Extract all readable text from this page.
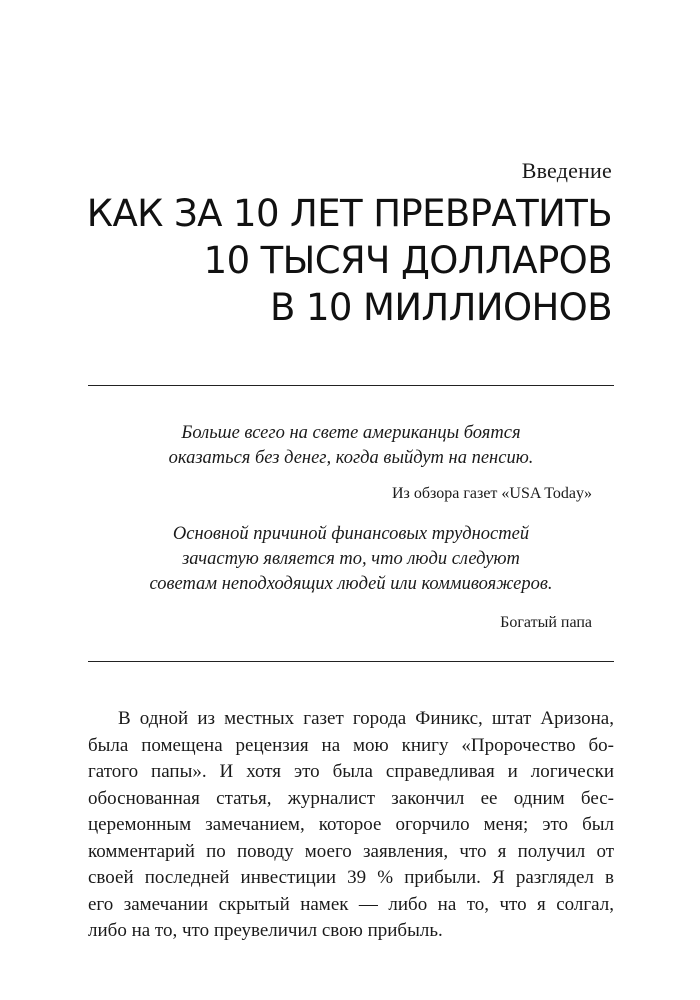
Введение
КАК ЗА 10 ЛЕТ ПРЕВРАТИТЬ
10 ТЫСЯЧ ДОЛЛАРОВ
В 10 МИЛЛИОНОВ
Больше всего на свете американцы боятся
оказаться без денег, когда выйдут на пенсию.
Из обзора газет «USA Today»
Основной причиной финансовых трудностей
зачастую является то, что люди следуют
советам неподходящих людей или коммивояжеров.
Богатый папа
В одной из местных газет города Финикс, штат Аризона,
была помещена рецензия на мою книгу «Пророчество бо-
гатого папы». И хотя это была справедливая и логически
обоснованная статья, журналист закончил ее одним бес-
церемонным замечанием, которое огорчило меня; это был
комментарий по поводу моего заявления, что я получил от
своей последней инвестиции 39 % прибыли. Я разглядел в
его замечании скрытый намек — либо на то, что я солгал,
либо на то, что преувеличил свою прибыль.
